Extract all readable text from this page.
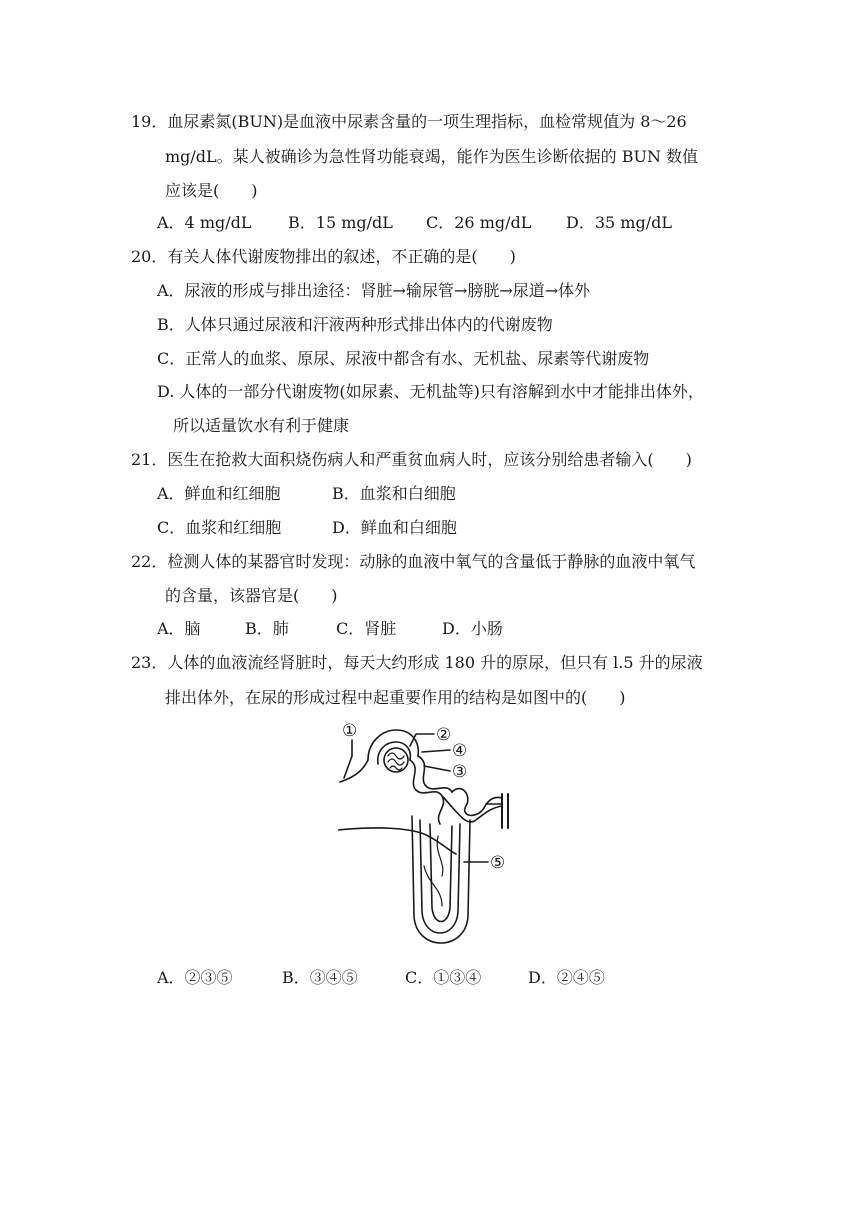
19．血尿素氮(BUN)是血液中尿素含量的一项生理指标，血检常规值为 8～26
mg/dL。某人被确诊为急性肾功能衰竭，能作为医生诊断依据的 BUN 数值
应该是(　　)
A．4 mg/dL B．15 mg/dL C．26 mg/dL D．35 mg/dL
20．有关人体代谢废物排出的叙述，不正确的是(　　)
A．尿液的形成与排出途径：肾脏→输尿管→膀胱→尿道→体外
B．人体只通过尿液和汗液两种形式排出体内的代谢废物
C．正常人的血浆、原尿、尿液中都含有水、无机盐、尿素等代谢废物
D. 人体的一部分代谢废物(如尿素、无机盐等)只有溶解到水中才能排出体外，
所以适量饮水有利于健康
21．医生在抢救大面积烧伤病人和严重贫血病人时，应该分别给患者输入(　　)
A．鲜血和红细胞	B．血浆和白细胞
C．血浆和红细胞	D．鲜血和白细胞
22．检测人体的某器官时发现：动脉的血液中氧气的含量低于静脉的血液中氧气
的含量，该器官是(　　)
A．脑	B．肺	C．肾脏	D．小肠
23．人体的血液流经肾脏时，每天大约形成 180 升的原尿，但只有 l.5 升的尿液
排出体外，在尿的形成过程中起重要作用的结构是如图中的(　　)
①	②
④
③
⑤
A．②③⑤	B．③④⑤	C．①③④	D．②④⑤
